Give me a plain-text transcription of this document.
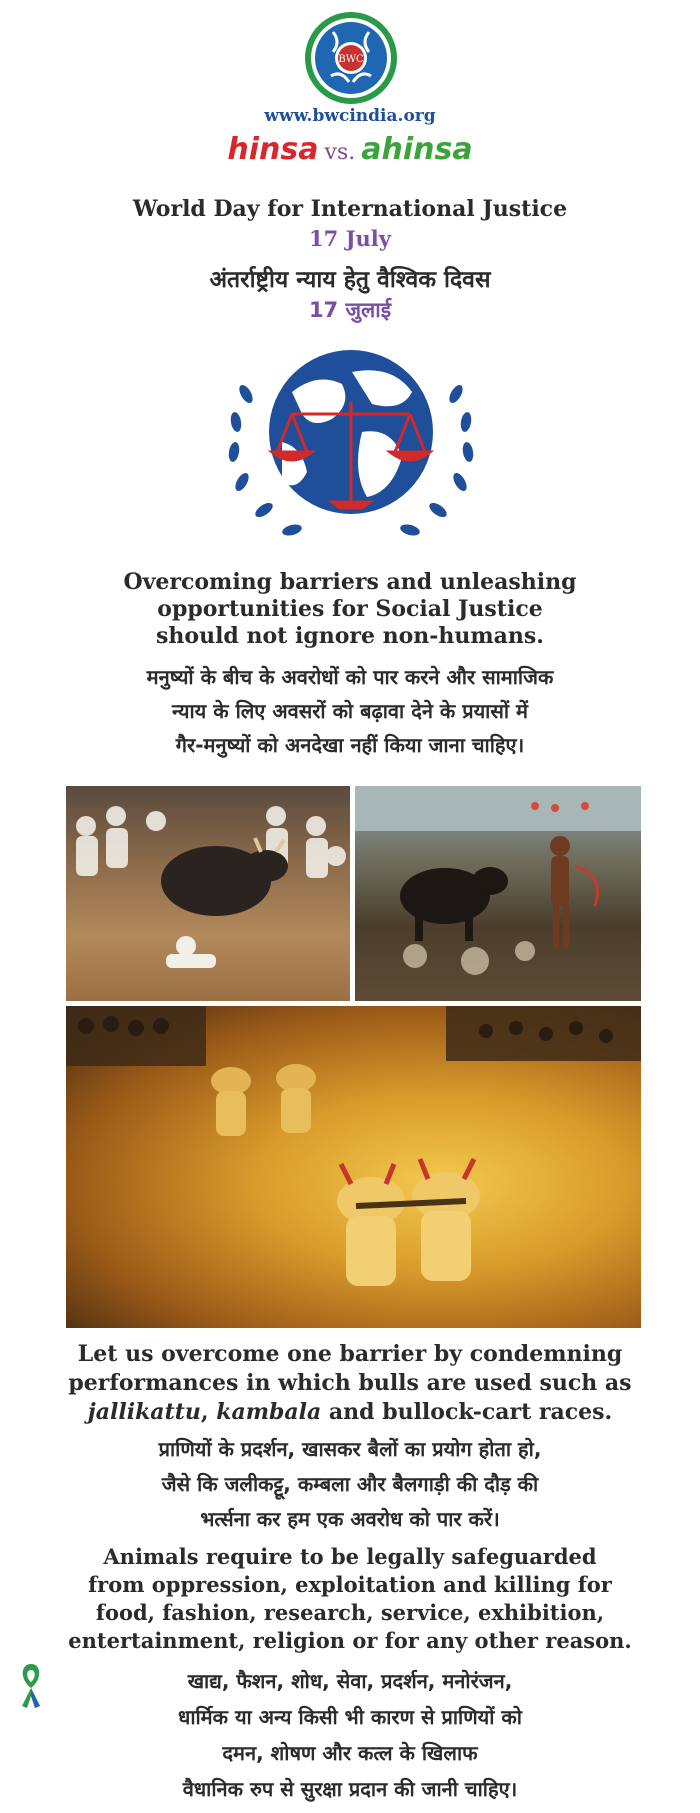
BWC
www.bwcindia.org
hinsa vs. ahinsa
World Day for International Justice
17 July
अंतर्राष्ट्रीय न्याय हेतु वैश्विक दिवस
17 जुलाई
Overcoming barriers and unleashing
opportunities for Social Justice
should not ignore non-humans.
मनुष्यों के बीच के अवरोधों को पार करने और सामाजिक
न्याय के लिए अवसरों को बढ़ावा देने के प्रयासों में
गैर-मनुष्यों को अनदेखा नहीं किया जाना चाहिए।
Let us overcome one barrier by condemning
performances in which bulls are used such as
jallikattu, kambala and bullock-cart races.
प्राणियों के प्रदर्शन, खासकर बैलों का प्रयोग होता हो,
जैसे कि जलीकट्टू, कम्बला और बैलगाड़ी की दौड़ की
भर्त्सना कर हम एक अवरोध को पार करें।
Animals require to be legally safeguarded
from oppression, exploitation and killing for
food, fashion, research, service, exhibition,
entertainment, religion or for any other reason.
खाद्य, फैशन, शोध, सेवा, प्रदर्शन, मनोरंजन,
धार्मिक या अन्य किसी भी कारण से प्राणियों को
दमन, शोषण और कत्ल के खिलाफ
वैधानिक रुप से सुरक्षा प्रदान की जानी चाहिए।
